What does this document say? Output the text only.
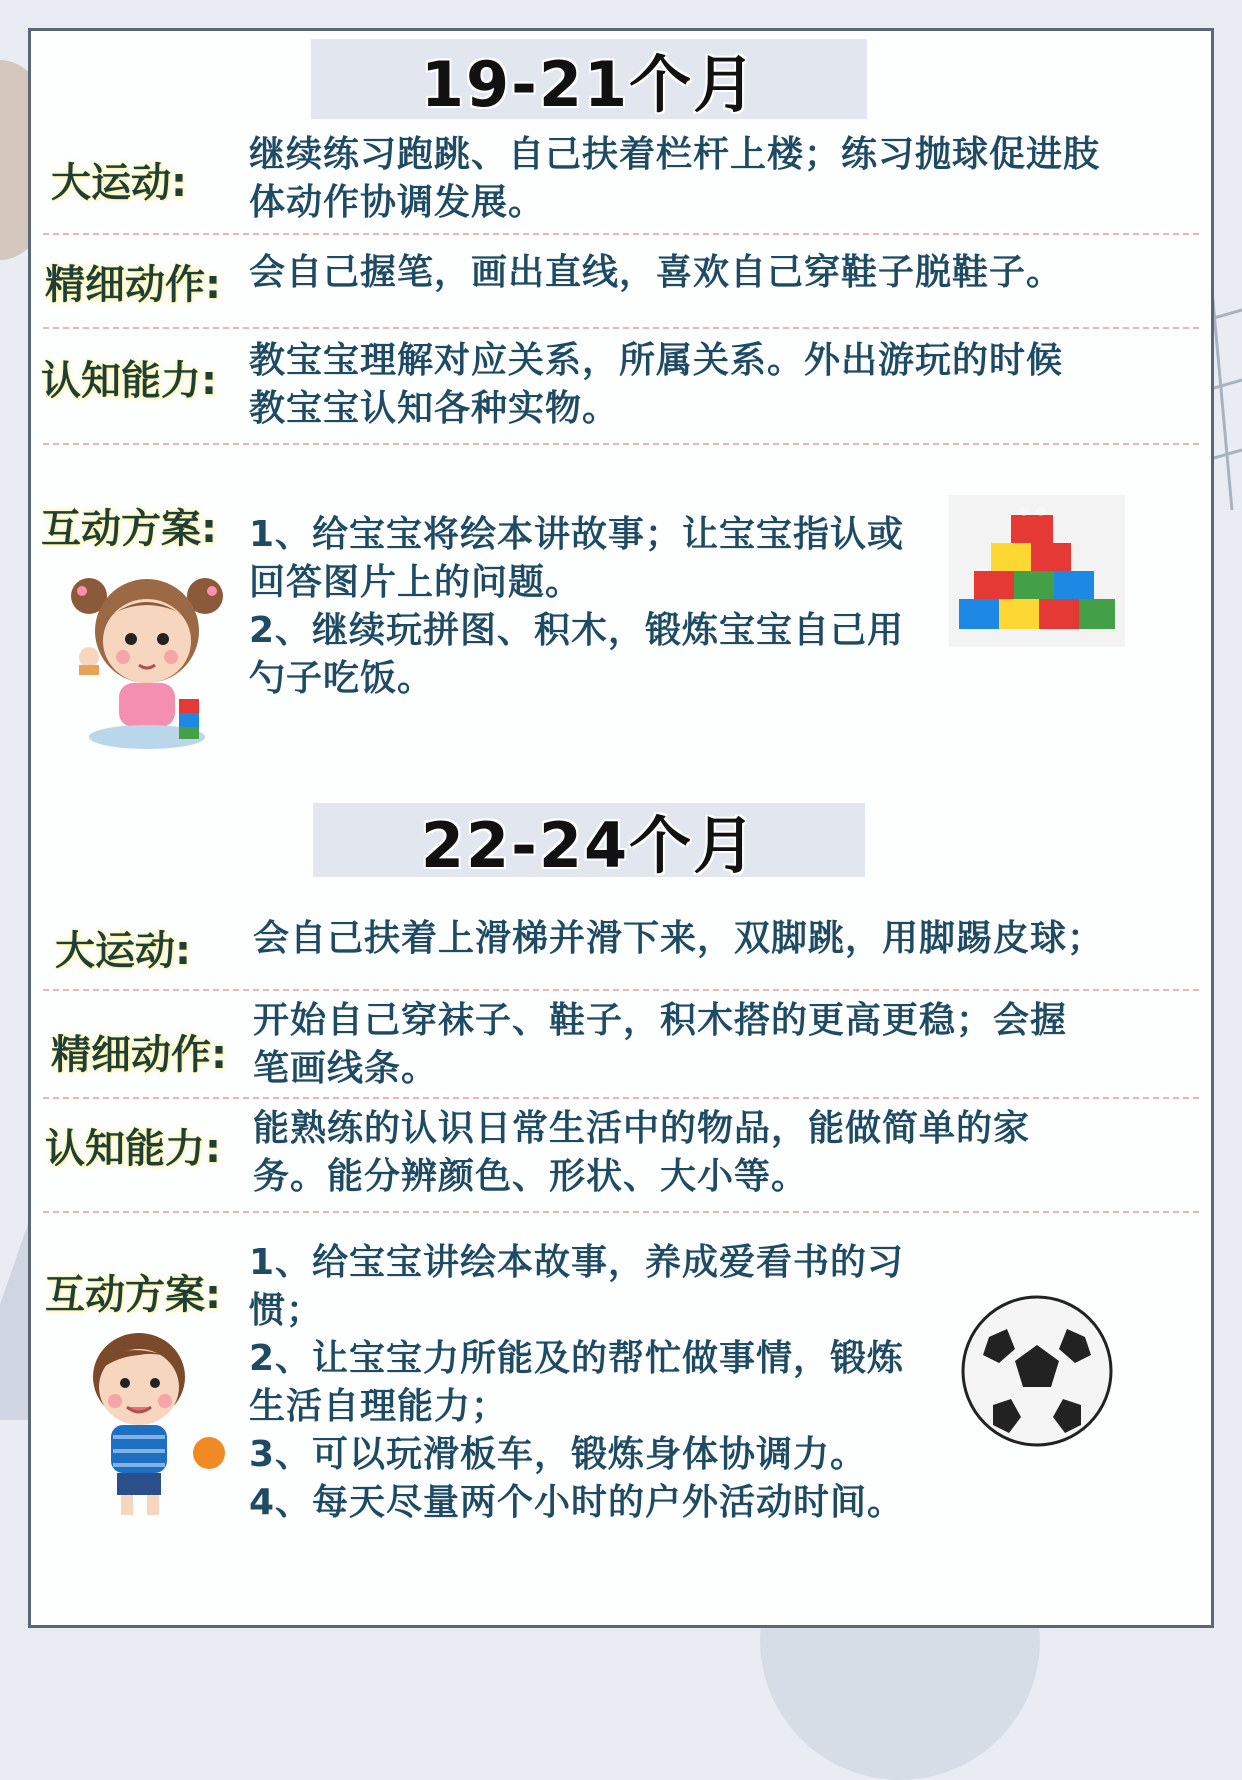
19-21个月
大运动:
继续练习跑跳、自己扶着栏杆上楼；练习抛球促进肢
体动作协调发展。
精细动作: 会自己握笔，画出直线，喜欢自己穿鞋子脱鞋子。
认知能力: 教宝宝理解对应关系，所属关系。外出游玩的时候
教宝宝认知各种实物。
互动方案: 1、给宝宝将绘本讲故事；让宝宝指认或
回答图片上的问题。
2、继续玩拼图、积木，锻炼宝宝自己用
勺子吃饭。
22-24个月
大运动: 会自己扶着上滑梯并滑下来，双脚跳，用脚踢皮球；
精细动作:
开始自己穿袜子、鞋子，积木搭的更高更稳；会握
笔画线条。
认知能力: 能熟练的认识日常生活中的物品，能做简单的家
务。能分辨颜色、形状、大小等。
互动方案:
1、给宝宝讲绘本故事，养成爱看书的习
惯；
2、让宝宝力所能及的帮忙做事情，锻炼
生活自理能力；
3、可以玩滑板车，锻炼身体协调力。
4、每天尽量两个小时的户外活动时间。
